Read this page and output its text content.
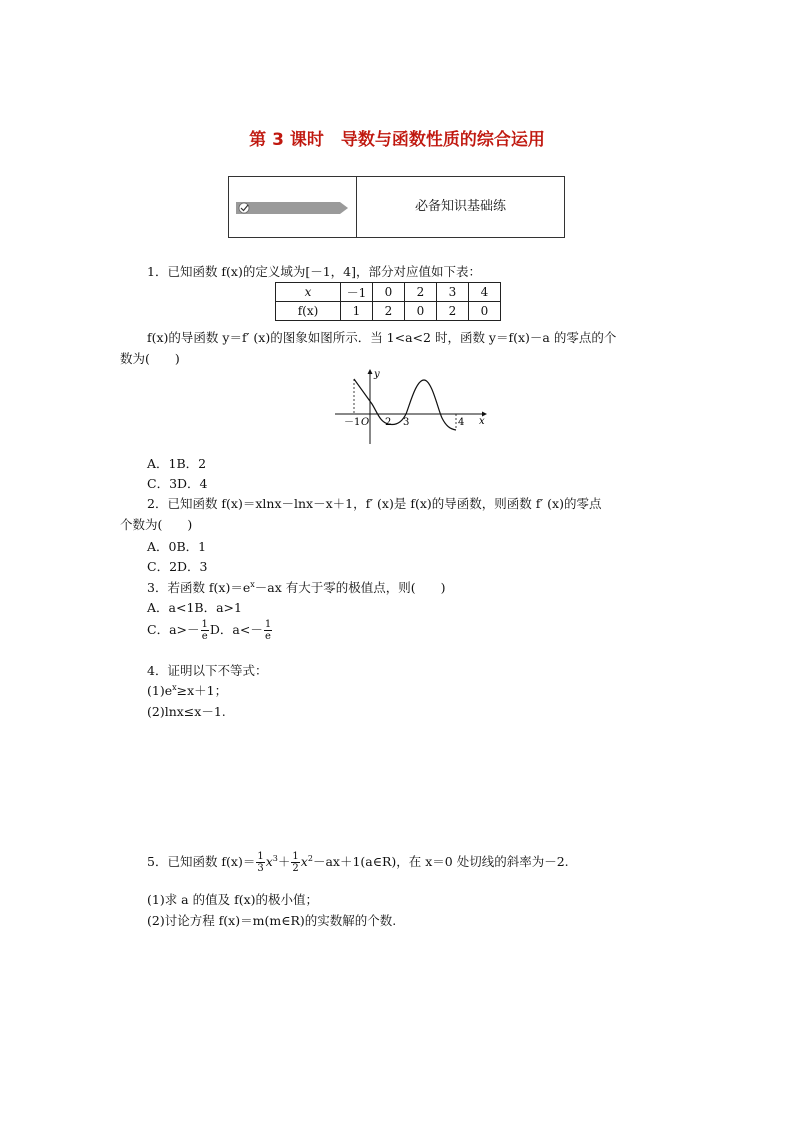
第 3 课时　导数与函数性质的综合运用
必备知识基础练
1．已知函数 f(x)的定义域为[－1，4]，部分对应值如下表：
x	－1	0	2	3	4
f(x)	1	2	0	2	0
f(x)的导函数 y＝f′ (x)的图象如图所示．当 1<a<2 时，函数 y＝f(x)－a 的零点的个
数为(　　)
－1 O 2 3	4 x
y
A．1B．2
C．3D．4
2．已知函数 f(x)＝xlnx－lnx－x＋1，f′ (x)是 f(x)的导函数，则函数 f′ (x)的零点
个数为(　　)
A．0B．1
C．2D．3
3．若函数 $f(x)=e^x-ax$ 有大于零的极值点，则(　　)
A．a<1B．a>1
C．$a>- \frac{1}{e}$ D．$a<- \frac{1}{e}$
4．证明以下不等式：
$(1)e^x\ge x+1$；
(2)lnx≤x－1.
5．已知函数 $f(x)= \frac{1}{3} x^3+ \frac{1}{2}$ $x^2-ax+1(a\in R)$，在 x＝0 处切线的斜率为－2.
(1)求 a 的值及 f(x)的极小值；
(2)讨论方程 f(x)＝m(m∈R)的实数解的个数.
